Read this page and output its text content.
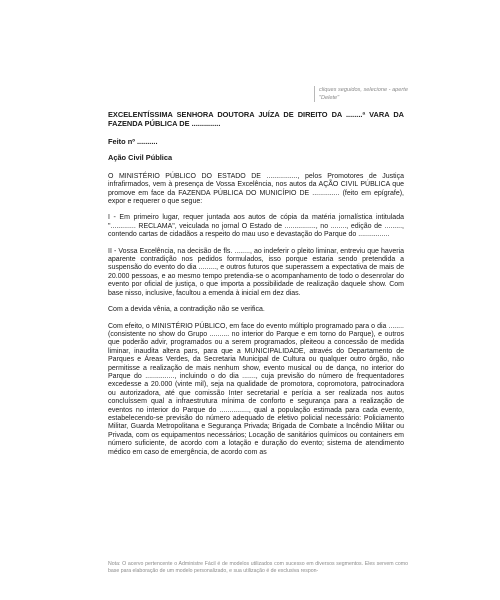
cliques seguidos, selecione - aperte "Delete"

EXCELENTÍSSIMA SENHORA DOUTORA JUÍZA DE DIREITO DA ........ª VARA DA FAZENDA PÚBLICA DE ..............

Feito nº ..........

Ação Civil Pública

O MINISTÉRIO PÚBLICO DO ESTADO DE ................, pelos Promotores de Justiça infrafirmados, vem à presença de Vossa Excelência, nos autos da AÇÃO CIVIL PÚBLICA que promove em face da FAZENDA PÚBLICA DO MUNICÍPIO DE .............. (feito em epígrafe), expor e requerer o que segue:

I - Em primeiro lugar, requer juntada aos autos de cópia da matéria jornalística intitulada "............. RECLAMA", veiculada no jornal O Estado de ................, no ........, edição de ........., contendo cartas de cidadãos a respeito do mau uso e devastação do Parque do ................

II - Vossa Excelência, na decisão de fls. ........, ao indeferir o pleito liminar, entreviu que haveria aparente contradição nos pedidos formulados, isso porque estaria sendo pretendida a suspensão do evento do dia ........., e outros futuros que superassem a expectativa de mais de 20.000 pessoas, e ao mesmo tempo pretendia-se o acompanhamento de todo o desenrolar do evento por oficial de justiça, o que importa a possibilidade de realização daquele show. Com base nisso, inclusive, facultou a emenda à inicial em dez dias.

Com a devida vênia, a contradição não se verifica.

Com efeito, o MINISTÉRIO PÚBLICO, em face do evento múltiplo programado para o dia ........ (consistente no show do Grupo .......... no interior do Parque e em torno do Parque), e outros que poderão advir, programados ou a serem programados, pleiteou a concessão de medida liminar, inaudita altera pars, para que a MUNICIPALIDADE, através do Departamento de Parques e Áreas Verdes, da Secretaria Municipal de Cultura ou qualquer outro órgão, não permitisse a realização de mais nenhum show, evento musical ou de dança, no interior do Parque do ..............., incluindo o do dia ......., cuja previsão do número de frequentadores excedesse a 20.000 (vinte mil), seja na qualidade de promotora, copromotora, patrocinadora ou autorizadora, até que comissão Inter secretarial e perícia a ser realizada nos autos concluíssem qual a infraestrutura mínima de conforto e segurança para a realização de eventos no interior do Parque do ..............., qual a população estimada para cada evento, estabelecendo-se previsão do número adequado de efetivo policial necessário: Policiamento Militar, Guarda Metropolitana e Segurança Privada; Brigada de Combate a Incêndio Militar ou Privada, com os equipamentos necessários; Locação de sanitários químicos ou containers em número suficiente, de acordo com a lotação e duração do evento; sistema de atendimento médico em caso de emergência, de acordo com as

Nota: O acervo pertencente o Administre Fácil é de modelos utilizados com sucesso em diversos segmentos. Eles servem como base para elaboração de um modelo personalizado, e sua utilização é de exclusiva respon-
